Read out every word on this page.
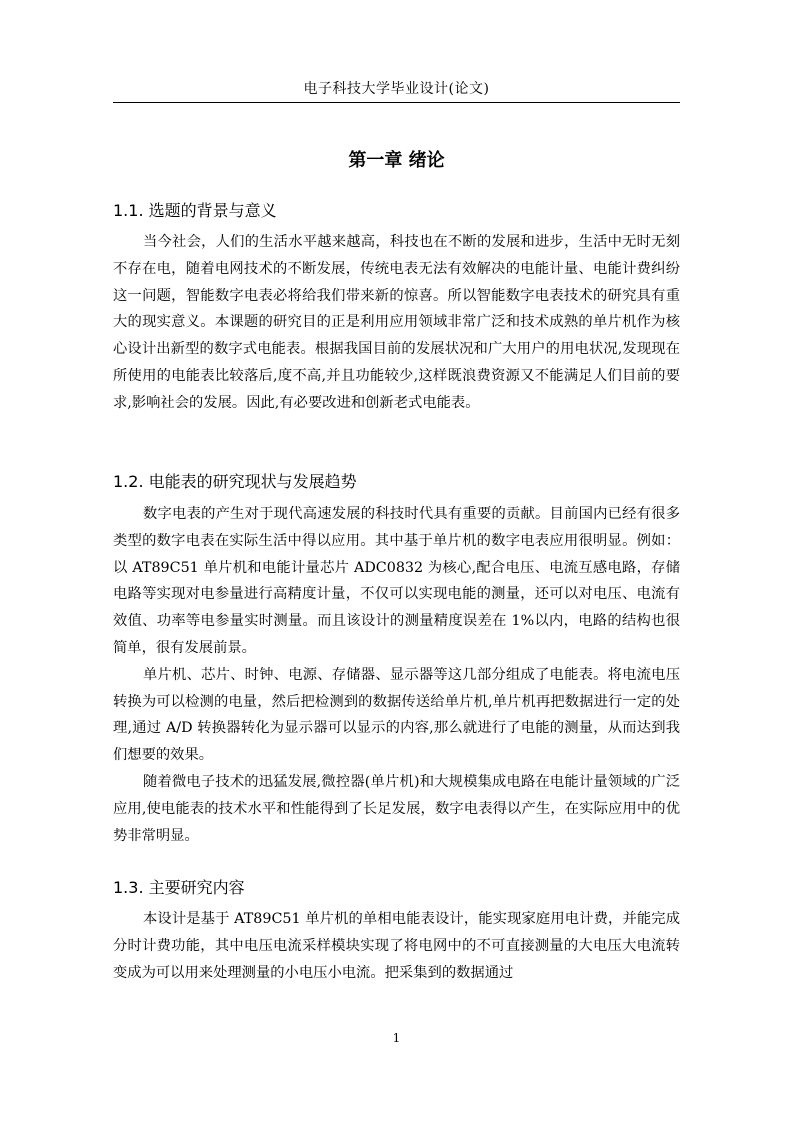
电子科技大学毕业设计(论文)
第一章 绪论
1.1. 选题的背景与意义

当今社会，人们的生活水平越来越高，科技也在不断的发展和进步，生活中无时无刻不存在电，随着电网技术的不断发展，传统电表无法有效解决的电能计量、电能计费纠纷这一问题，智能数字电表必将给我们带来新的惊喜。所以智能数字电表技术的研究具有重大的现实意义。本课题的研究目的正是利用应用领域非常广泛和技术成熟的单片机作为核心设计出新型的数字式电能表。根据我国目前的发展状况和广大用户的用电状况,发现现在所使用的电能表比较落后,度不高,并且功能较少,这样既浪费资源又不能满足人们目前的要求,影响社会的发展。因此,有必要改进和创新老式电能表。

1.2. 电能表的研究现状与发展趋势

数字电表的产生对于现代高速发展的科技时代具有重要的贡献。目前国内已经有很多类型的数字电表在实际生活中得以应用。其中基于单片机的数字电表应用很明显。例如：以 AT89C51 单片机和电能计量芯片 ADC0832 为核心,配合电压、电流互感电路，存储电路等实现对电参量进行高精度计量，不仅可以实现电能的测量，还可以对电压、电流有效值、功率等电参量实时测量。而且该设计的测量精度误差在 1%以内，电路的结构也很简单，很有发展前景。

单片机、芯片、时钟、电源、存储器、显示器等这几部分组成了电能表。将电流电压转换为可以检测的电量，然后把检测到的数据传送给单片机,单片机再把数据进行一定的处理,通过 A/D 转换器转化为显示器可以显示的内容,那么就进行了电能的测量，从而达到我们想要的效果。

随着微电子技术的迅猛发展,微控器(单片机)和大规模集成电路在电能计量领域的广泛应用,使电能表的技术水平和性能得到了长足发展，数字电表得以产生，在实际应用中的优势非常明显。

1.3. 主要研究内容

本设计是基于 AT89C51 单片机的单相电能表设计，能实现家庭用电计费，并能完成分时计费功能，其中电压电流采样模块实现了将电网中的不可直接测量的大电压大电流转变成为可以用来处理测量的小电压小电流。把采集到的数据通过

1
